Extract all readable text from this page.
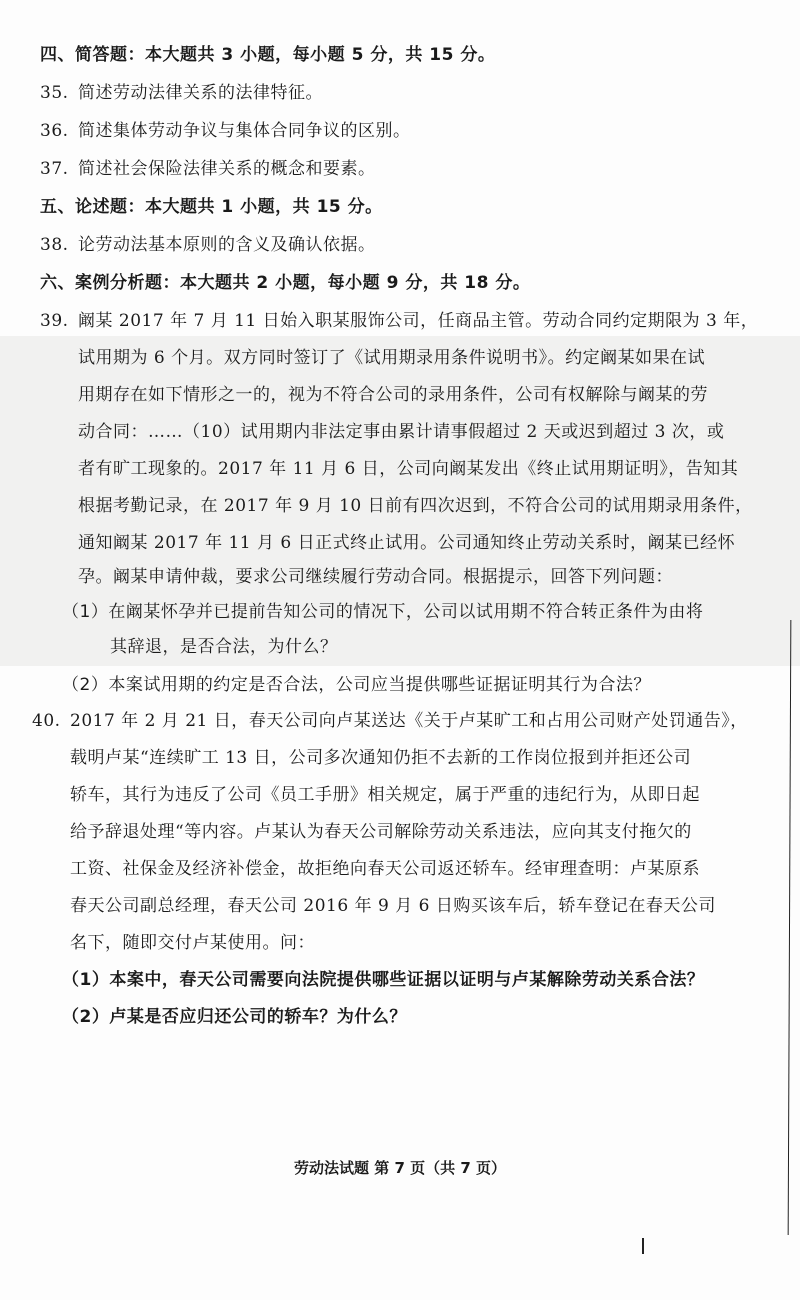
四、简答题：本大题共 3 小题，每小题 5 分，共 15 分。
35. 简述劳动法律关系的法律特征。
36. 简述集体劳动争议与集体合同争议的区别。
37. 简述社会保险法律关系的概念和要素。
五、论述题：本大题共 1 小题，共 15 分。
38. 论劳动法基本原则的含义及确认依据。
六、案例分析题：本大题共 2 小题，每小题 9 分，共 18 分。
39. 阚某 2017 年 7 月 11 日始入职某服饰公司，任商品主管。劳动合同约定期限为 3 年，
试用期为 6 个月。双方同时签订了《试用期录用条件说明书》。约定阚某如果在试
用期存在如下情形之一的，视为不符合公司的录用条件，公司有权解除与阚某的劳
动合同：……（10）试用期内非法定事由累计请事假超过 2 天或迟到超过 3 次，或
者有旷工现象的。2017 年 11 月 6 日，公司向阚某发出《终止试用期证明》，告知其
根据考勤记录，在 2017 年 9 月 10 日前有四次迟到，不符合公司的试用期录用条件，
通知阚某 2017 年 11 月 6 日正式终止试用。公司通知终止劳动关系时，阚某已经怀
孕。阚某申请仲裁，要求公司继续履行劳动合同。根据提示，回答下列问题：
（1）在阚某怀孕并已提前告知公司的情况下，公司以试用期不符合转正条件为由将
其辞退，是否合法，为什么？
（2）本案试用期的约定是否合法，公司应当提供哪些证据证明其行为合法？
40. 2017 年 2 月 21 日，春天公司向卢某送达《关于卢某旷工和占用公司财产处罚通告》，
载明卢某“连续旷工 13 日，公司多次通知仍拒不去新的工作岗位报到并拒还公司
轿车，其行为违反了公司《员工手册》相关规定，属于严重的违纪行为，从即日起
给予辞退处理“等内容。卢某认为春天公司解除劳动关系违法，应向其支付拖欠的
工资、社保金及经济补偿金，故拒绝向春天公司返还轿车。经审理查明：卢某原系
春天公司副总经理，春天公司 2016 年 9 月 6 日购买该车后，轿车登记在春天公司
名下，随即交付卢某使用。问：
（1）本案中，春天公司需要向法院提供哪些证据以证明与卢某解除劳动关系合法？
（2）卢某是否应归还公司的轿车？为什么？
劳动法试题 第 7 页（共 7 页）
